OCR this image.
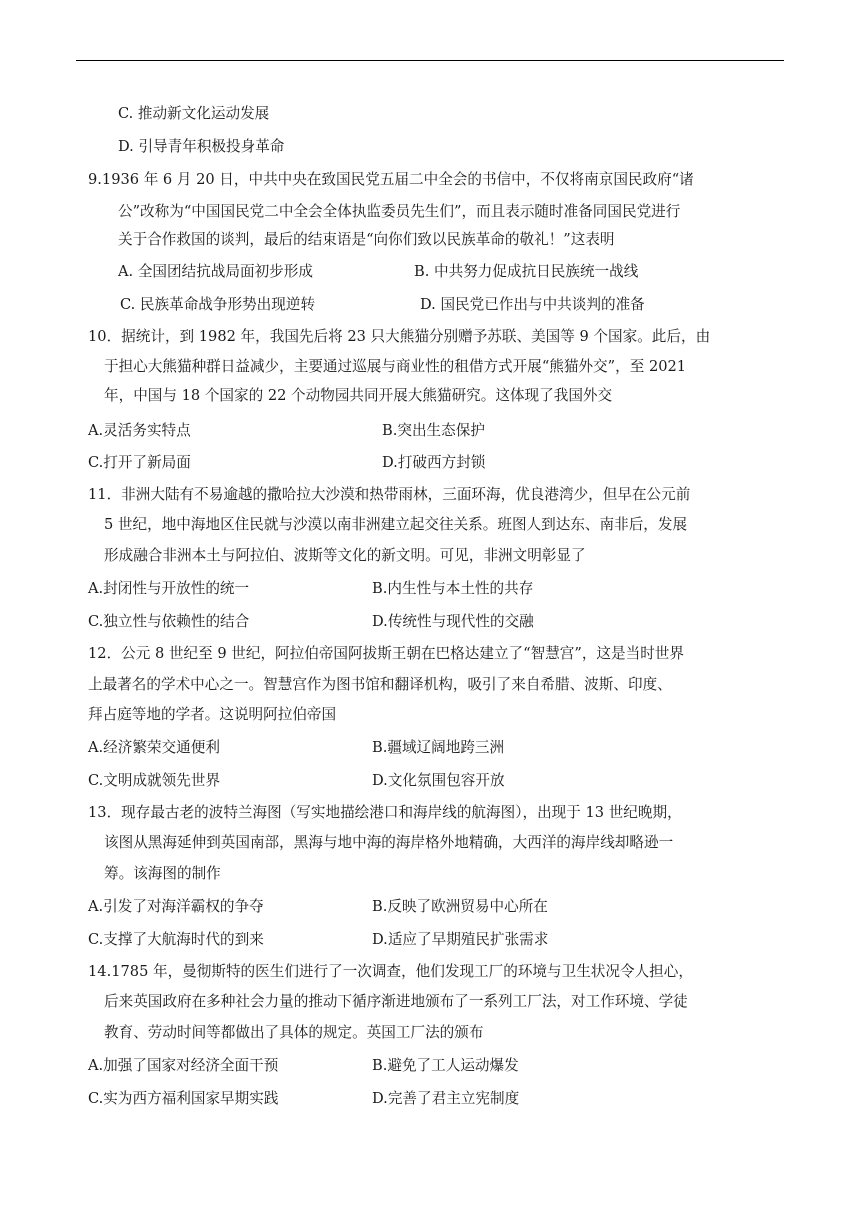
C. 推动新文化运动发展
D. 引导青年积极投身革命
9.1936 年 6 月 20 日，中共中央在致国民党五届二中全会的书信中，不仅将南京国民政府“诸
公”改称为“中国国民党二中全会全体执监委员先生们”，而且表示随时准备同国民党进行
关于合作救国的谈判，最后的结束语是“向你们致以民族革命的敬礼！”这表明
A. 全国团结抗战局面初步形成	B. 中共努力促成抗日民族统一战线
C. 民族革命战争形势出现逆转	D. 国民党已作出与中共谈判的准备
10．据统计，到 1982 年，我国先后将 23 只大熊猫分别赠予苏联、美国等 9 个国家。此后，由
于担心大熊猫种群日益减少，主要通过巡展与商业性的租借方式开展“熊猫外交”，至 2021
年，中国与 18 个国家的 22 个动物园共同开展大熊猫研究。这体现了我国外交
A.灵活务实特点	B.突出生态保护
C.打开了新局面	D.打破西方封锁
11．非洲大陆有不易逾越的撒哈拉大沙漠和热带雨林，三面环海，优良港湾少，但早在公元前
5 世纪，地中海地区住民就与沙漠以南非洲建立起交往关系。班图人到达东、南非后，发展
形成融合非洲本土与阿拉伯、波斯等文化的新文明。可见，非洲文明彰显了
A.封闭性与开放性的统一	B.内生性与本土性的共存
C.独立性与依赖性的结合	D.传统性与现代性的交融
12．公元 8 世纪至 9 世纪，阿拉伯帝国阿拔斯王朝在巴格达建立了“智慧宫”，这是当时世界
上最著名的学术中心之一。智慧宫作为图书馆和翻译机构，吸引了来自希腊、波斯、印度、
拜占庭等地的学者。这说明阿拉伯帝国
A.经济繁荣交通便利	B.疆域辽阔地跨三洲
C.文明成就领先世界	D.文化氛围包容开放
13．现存最古老的波特兰海图（写实地描绘港口和海岸线的航海图），出现于 13 世纪晚期，
该图从黑海延伸到英国南部，黑海与地中海的海岸格外地精确，大西洋的海岸线却略逊一
筹。该海图的制作
A.引发了对海洋霸权的争夺	B.反映了欧洲贸易中心所在
C.支撑了大航海时代的到来	D.适应了早期殖民扩张需求
14.1785 年，曼彻斯特的医生们进行了一次调查，他们发现工厂的环境与卫生状况令人担心，
后来英国政府在多种社会力量的推动下循序渐进地颁布了一系列工厂法，对工作环境、学徒
教育、劳动时间等都做出了具体的规定。英国工厂法的颁布
A.加强了国家对经济全面干预	B.避免了工人运动爆发
C.实为西方福利国家早期实践	D.完善了君主立宪制度
